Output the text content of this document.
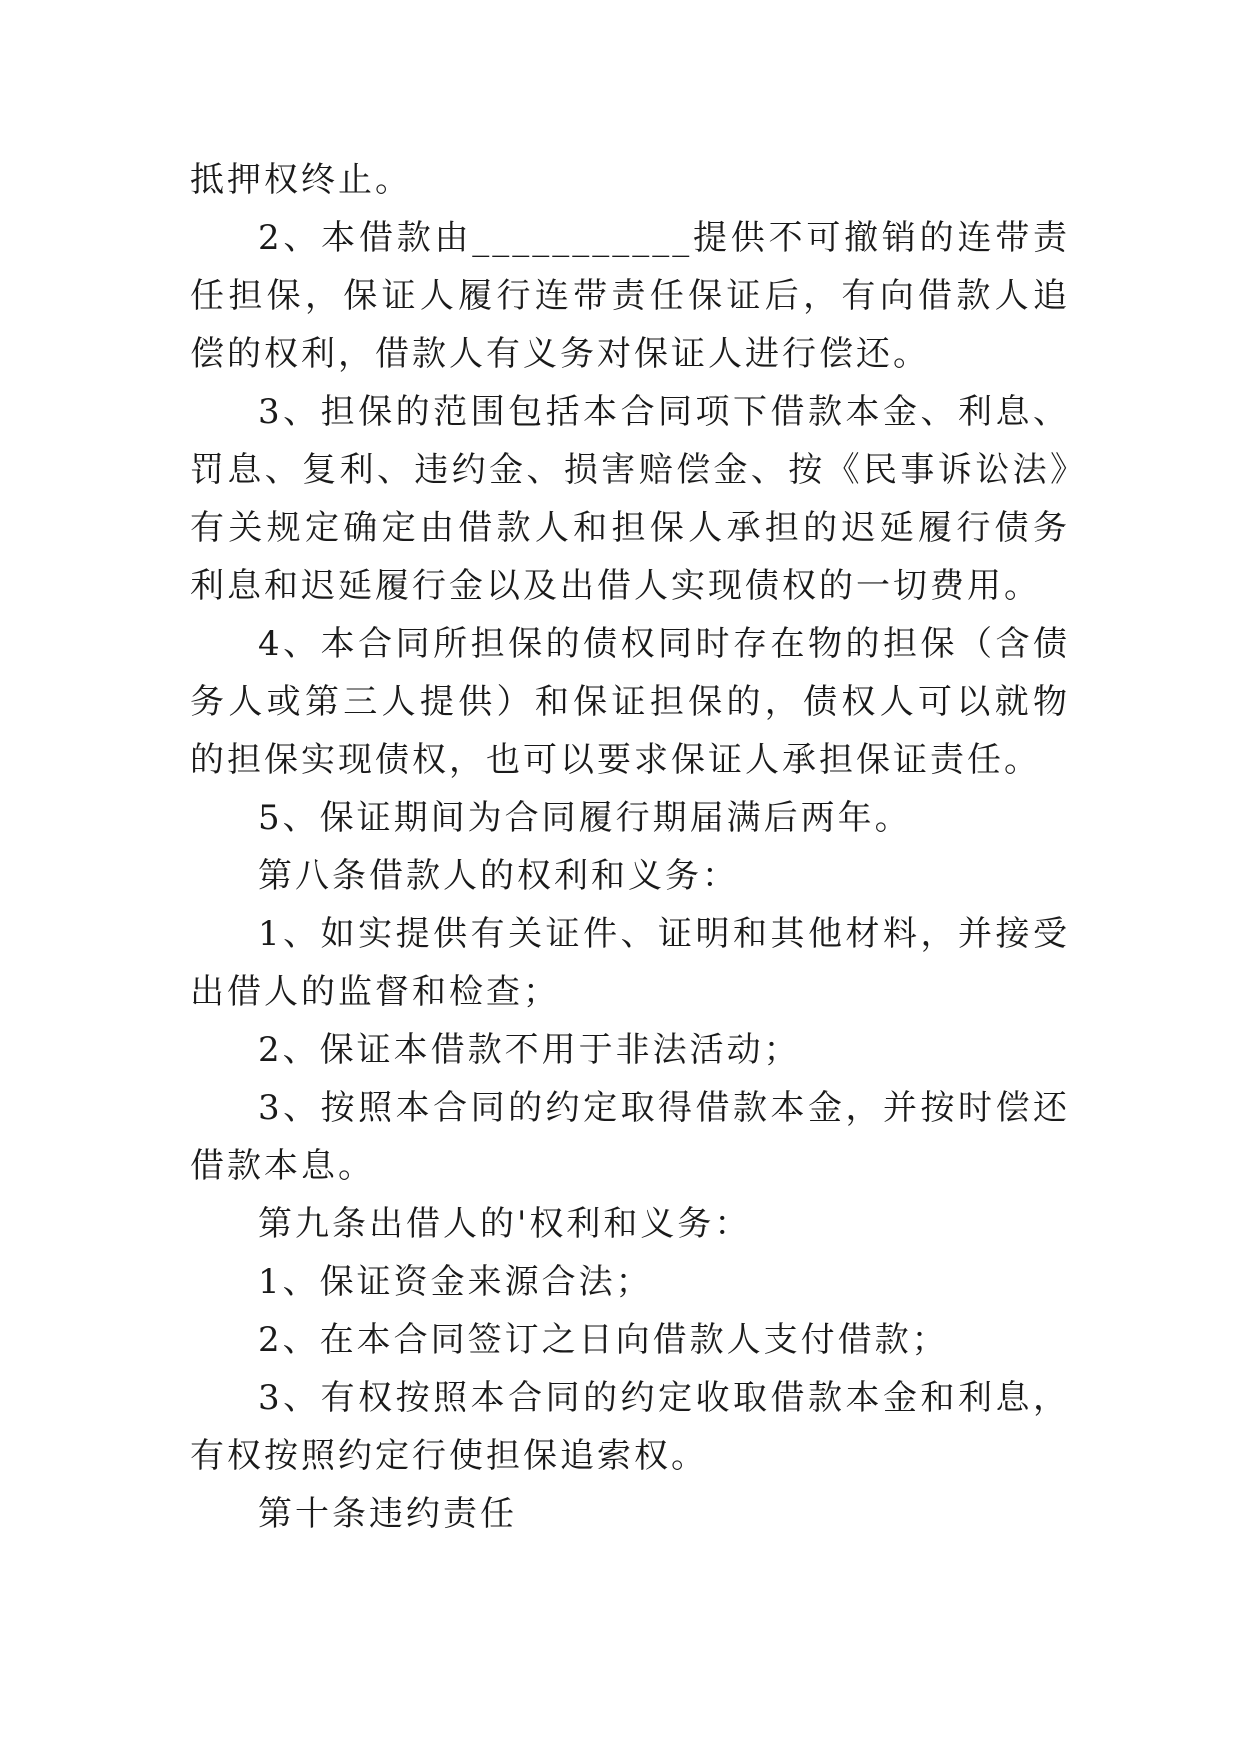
抵押权终止。

2、本借款由___________提供不可撤销的连带责任担保，保证人履行连带责任保证后，有向借款人追偿的权利，借款人有义务对保证人进行偿还。

3、担保的范围包括本合同项下借款本金、利息、罚息、复利、违约金、损害赔偿金、按《民事诉讼法》有关规定确定由借款人和担保人承担的迟延履行债务利息和迟延履行金以及出借人实现债权的一切费用。

4、本合同所担保的债权同时存在物的担保（含债务人或第三人提供）和保证担保的，债权人可以就物的担保实现债权，也可以要求保证人承担保证责任。

5、保证期间为合同履行期届满后两年。

第八条借款人的权利和义务：

1、如实提供有关证件、证明和其他材料，并接受出借人的监督和检查；

2、保证本借款不用于非法活动；

3、按照本合同的约定取得借款本金，并按时偿还借款本息。

第九条出借人的'权利和义务：

1、保证资金来源合法；

2、在本合同签订之日向借款人支付借款；

3、有权按照本合同的约定收取借款本金和利息，有权按照约定行使担保追索权。

第十条违约责任
